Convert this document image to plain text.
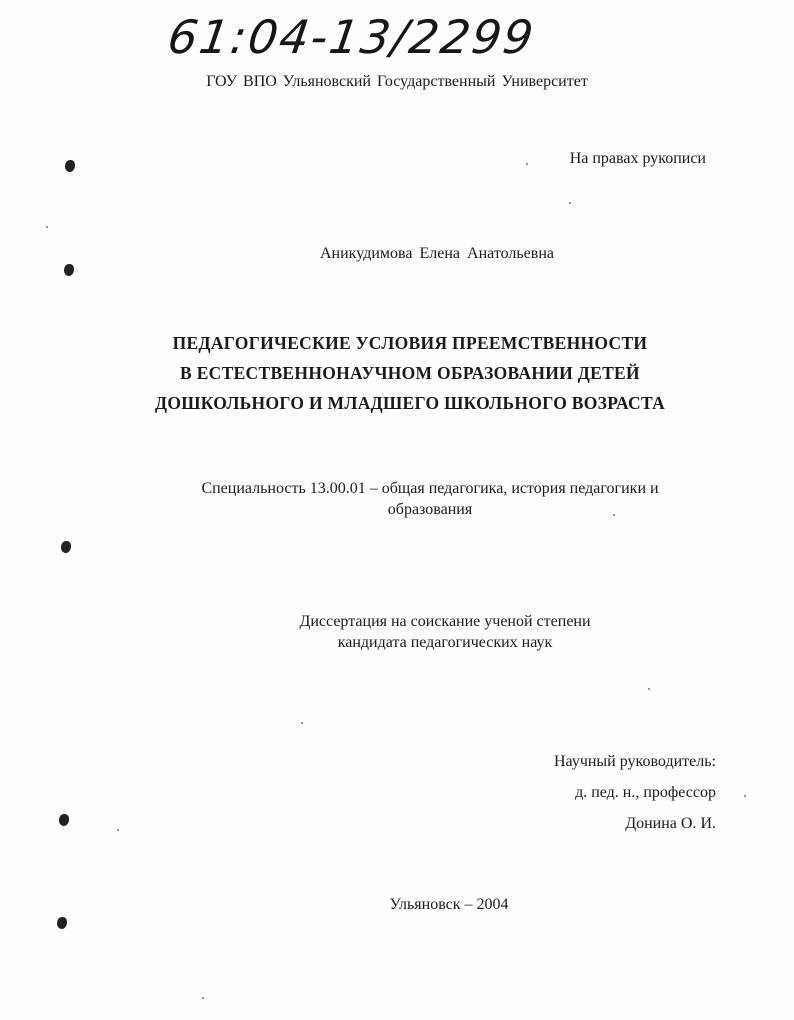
61:04-13/2299
ГОУ ВПО Ульяновский Государственный Университет
На правах рукописи
Аникудимова Елена Анатольевна
ПЕДАГОГИЧЕСКИЕ УСЛОВИЯ ПРЕЕМСТВЕННОСТИ
В ЕСТЕСТВЕННОНАУЧНОМ ОБРАЗОВАНИИ ДЕТЕЙ
ДОШКОЛЬНОГО И МЛАДШЕГО ШКОЛЬНОГО ВОЗРАСТА
Специальность 13.00.01 – общая педагогика, история педагогики и
образования
Диссертация на соискание ученой степени
кандидата педагогических наук
Научный руководитель:
д. пед. н., профессор
Донина О. И.
Ульяновск – 2004
